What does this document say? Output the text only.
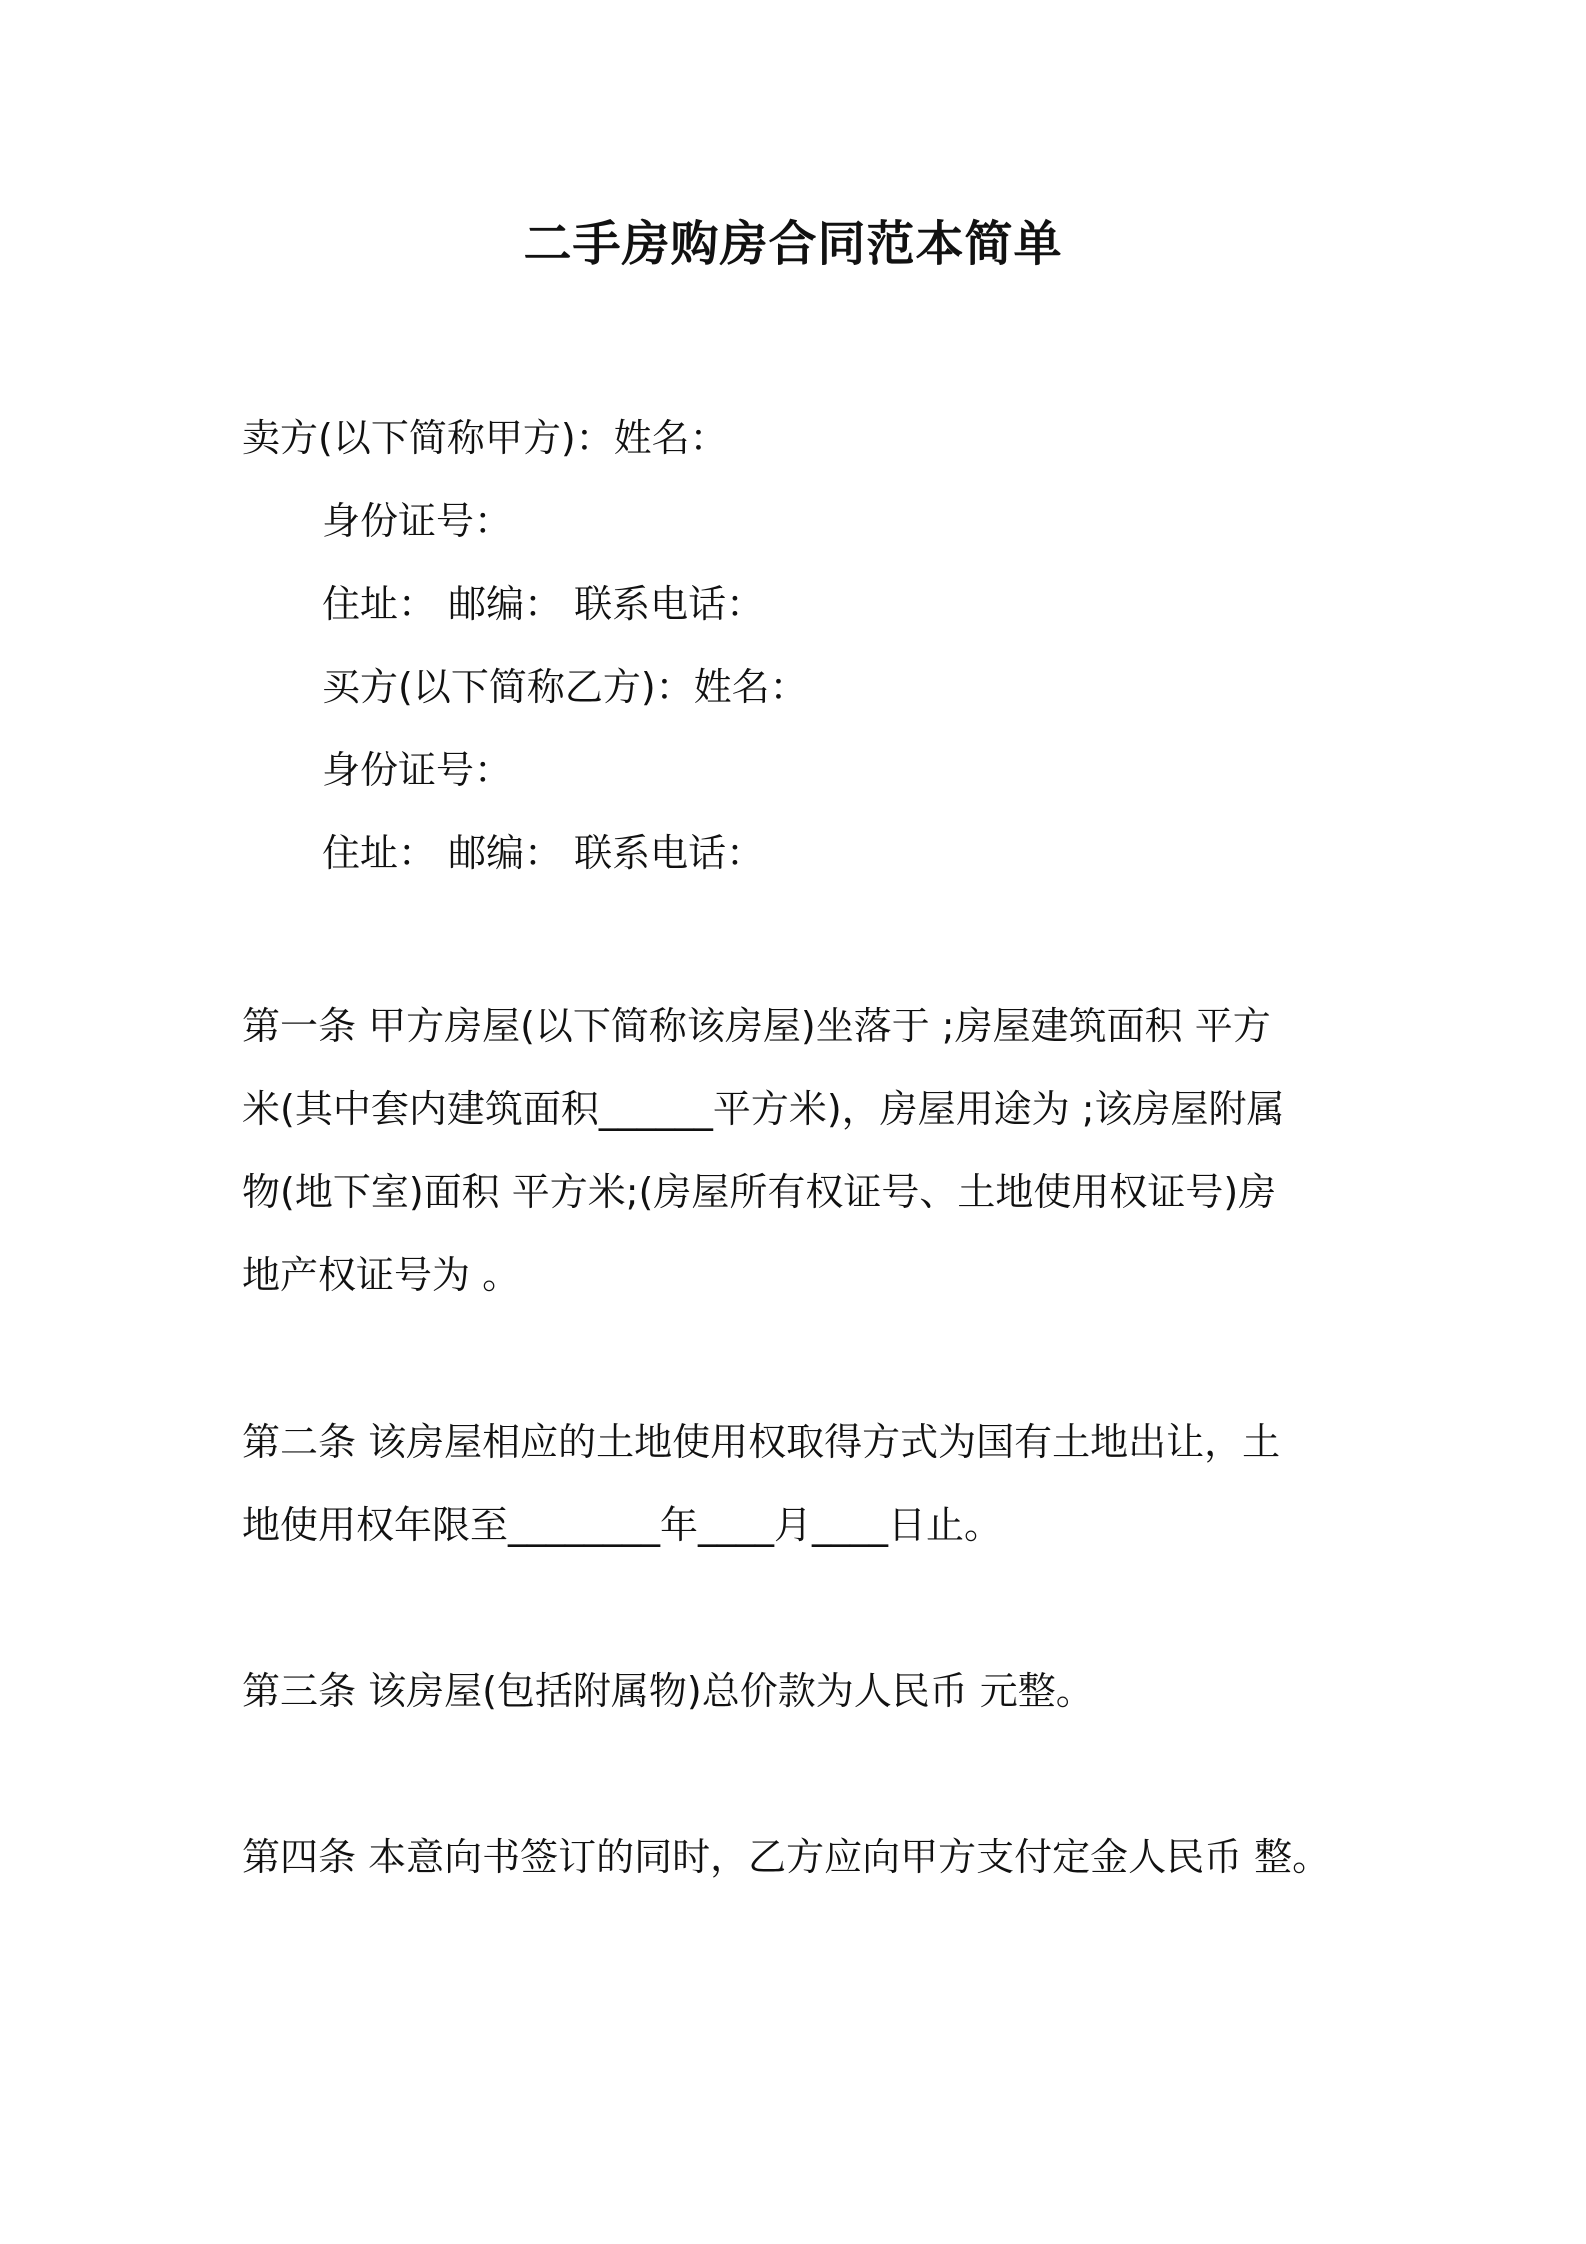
二手房购房合同范本简单
卖方(以下简称甲方)：姓名：
身份证号：
住址： 邮编： 联系电话：
买方(以下简称乙方)：姓名：
身份证号：
住址： 邮编： 联系电话：
第一条 甲方房屋(以下简称该房屋)坐落于 ;房屋建筑面积 平方
米(其中套内建筑面积______平方米)，房屋用途为 ;该房屋附属
物(地下室)面积 平方米;(房屋所有权证号、土地使用权证号)房
地产权证号为 。
第二条 该房屋相应的土地使用权取得方式为国有土地出让，土
地使用权年限至________年____月____日止。
第三条 该房屋(包括附属物)总价款为人民币 元整。
第四条 本意向书签订的同时，乙方应向甲方支付定金人民币 整。
